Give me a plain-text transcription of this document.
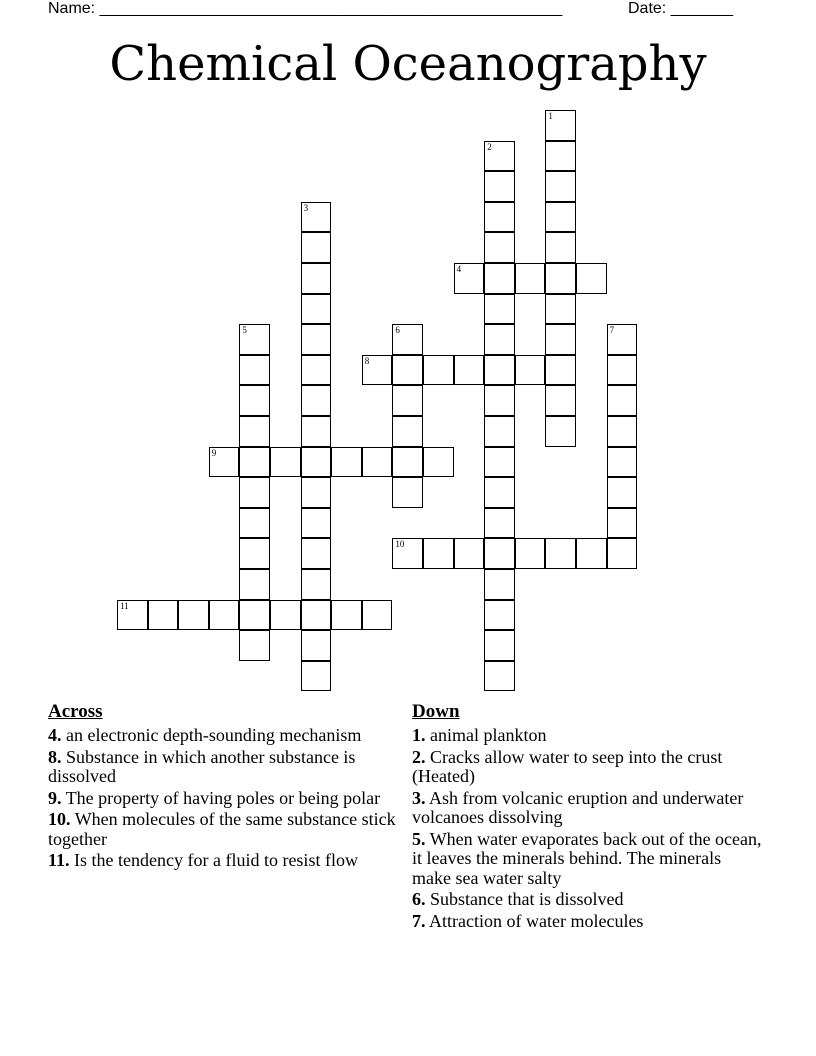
Name: ____________________________________________________	Date: _______
Chemical Oceanography
1
2
3
4
5	6	7
8
9
10
11
Across
4. an electronic depth-sounding mechanism
8. Substance in which another substance is dissolved
9. The property of having poles or being polar
10. When molecules of the same substance stick together
11. Is the tendency for a fluid to resist flow
Down
1. animal plankton
2. Cracks allow water to seep into the crust (Heated)
3. Ash from volcanic eruption and underwater volcanoes dissolving
5. When water evaporates back out of the ocean, it leaves the minerals behind. The minerals make sea water salty
6. Substance that is dissolved
7. Attraction of water molecules
